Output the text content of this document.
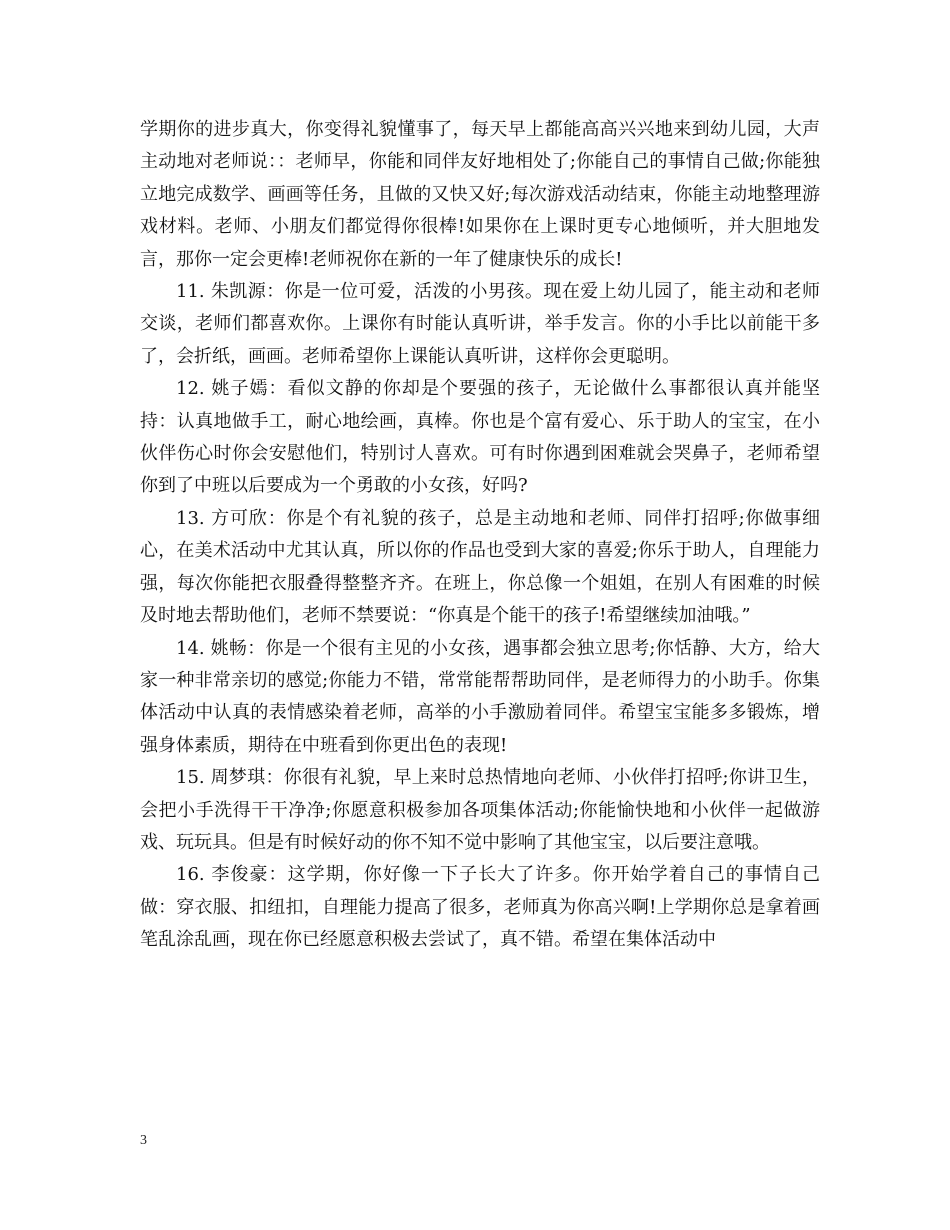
学期你的进步真大，你变得礼貌懂事了，每天早上都能高高兴兴地来到幼儿园，大声主动地对老师说：：老师早，你能和同伴友好地相处了;你能自己的事情自己做;你能独立地完成数学、画画等任务，且做的又快又好;每次游戏活动结束，你能主动地整理游戏材料。老师、小朋友们都觉得你很棒!如果你在上课时更专心地倾听，并大胆地发言，那你一定会更棒!老师祝你在新的一年了健康快乐的成长!

11. 朱凯源：你是一位可爱，活泼的小男孩。现在爱上幼儿园了，能主动和老师交谈，老师们都喜欢你。上课你有时能认真听讲，举手发言。你的小手比以前能干多了，会折纸，画画。老师希望你上课能认真听讲，这样你会更聪明。

12. 姚子嫣：看似文静的你却是个要强的孩子，无论做什么事都很认真并能坚持：认真地做手工，耐心地绘画，真棒。你也是个富有爱心、乐于助人的宝宝，在小伙伴伤心时你会安慰他们，特别讨人喜欢。可有时你遇到困难就会哭鼻子，老师希望你到了中班以后要成为一个勇敢的小女孩，好吗?

13. 方可欣：你是个有礼貌的孩子，总是主动地和老师、同伴打招呼;你做事细心，在美术活动中尤其认真，所以你的作品也受到大家的喜爱;你乐于助人，自理能力强，每次你能把衣服叠得整整齐齐。在班上，你总像一个姐姐，在别人有困难的时候及时地去帮助他们，老师不禁要说：“你真是个能干的孩子!希望继续加油哦。”

14. 姚畅：你是一个很有主见的小女孩，遇事都会独立思考;你恬静、大方，给大家一种非常亲切的感觉;你能力不错，常常能帮帮助同伴，是老师得力的小助手。你集体活动中认真的表情感染着老师，高举的小手激励着同伴。希望宝宝能多多锻炼，增强身体素质，期待在中班看到你更出色的表现!

15. 周梦琪：你很有礼貌，早上来时总热情地向老师、小伙伴打招呼;你讲卫生，会把小手洗得干干净净;你愿意积极参加各项集体活动;你能愉快地和小伙伴一起做游戏、玩玩具。但是有时候好动的你不知不觉中影响了其他宝宝，以后要注意哦。

16. 李俊豪：这学期，你好像一下子长大了许多。你开始学着自己的事情自己做：穿衣服、扣纽扣，自理能力提高了很多，老师真为你高兴啊!上学期你总是拿着画笔乱涂乱画，现在你已经愿意积极去尝试了，真不错。希望在集体活动中

3
